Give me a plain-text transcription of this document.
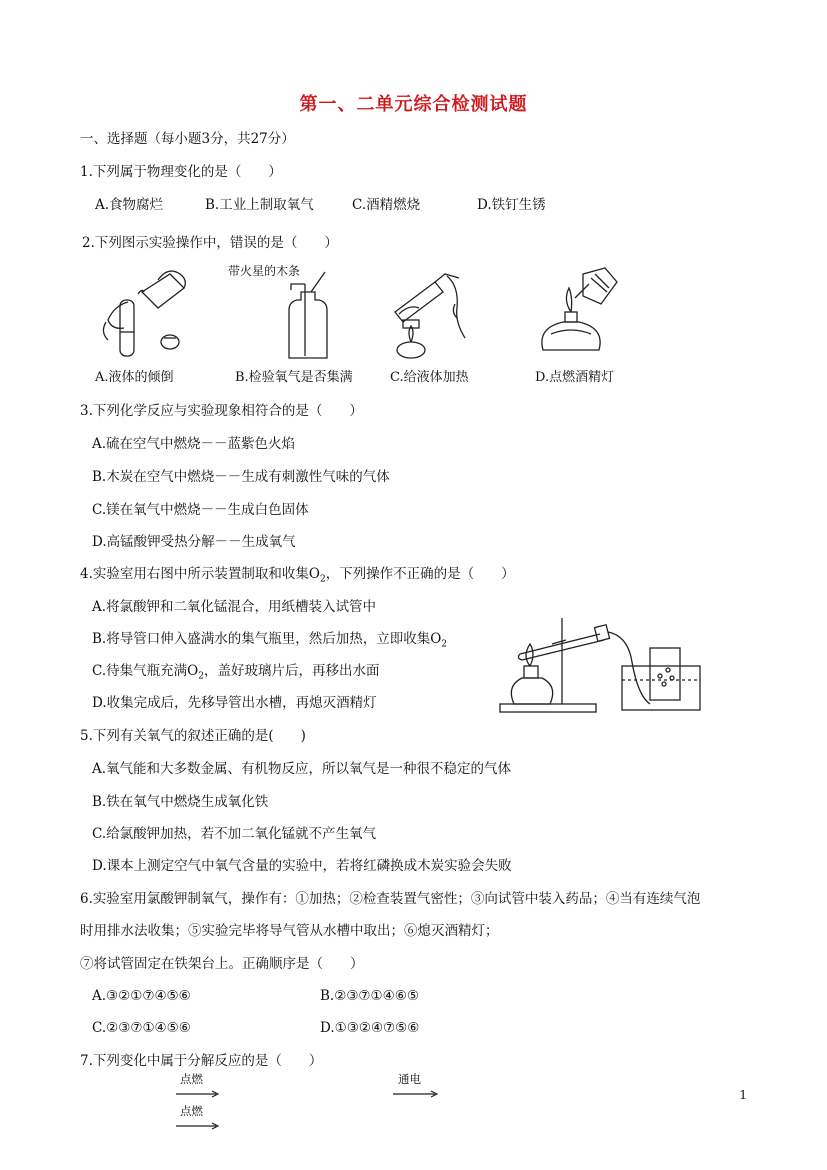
第一、二单元综合检测试题
一、选择题（每小题3分，共27分）
1.下列属于物理变化的是（　　）
A.食物腐烂	B.工业上制取氧气	C.酒精燃烧	D.铁钉生锈
2.下列图示实验操作中，错误的是（　　）
A.液体的倾倒
带火星的木条
B.检验氧气是否集满	C.给液体加热	D.点燃酒精灯
3.下列化学反应与实验现象相符合的是（　　）
A.硫在空气中燃烧－－蓝紫色火焰
B.木炭在空气中燃烧－－生成有刺激性气味的气体
C.镁在氧气中燃烧－－生成白色固体
D.高锰酸钾受热分解－－生成氧气
4.实验室用右图中所示装置制取和收集$O_2$，下列操作不正确的是（　　）
A.将氯酸钾和二氧化锰混合，用纸槽装入试管中
B.将导管口伸入盛满水的集气瓶里，然后加热，立即收集$O_2$
C.待集气瓶充满$O_2$，盖好玻璃片后，再移出水面
D.收集完成后，先移导管出水槽，再熄灭酒精灯
5.下列有关氧气的叙述正确的是(　　)
A.氧气能和大多数金属、有机物反应，所以氧气是一种很不稳定的气体
B.铁在氧气中燃烧生成氧化铁
C.给氯酸钾加热，若不加二氧化锰就不产生氧气
D.课本上测定空气中氧气含量的实验中，若将红磷换成木炭实验会失败
6.实验室用氯酸钾制氧气，操作有：①加热；②检查装置气密性；③向试管中装入药品；④当有连续气泡
时用排水法收集；⑤实验完毕将导气管从水槽中取出；⑥熄灭酒精灯；
⑦将试管固定在铁架台上。正确顺序是（　　）
A.③②①⑦④⑤⑥	B.②③⑦①④⑥⑤
C.②③⑦①④⑤⑥	D.①③②④⑦⑤⑥
7.下列变化中属于分解反应的是（　　）
点燃	通电
点燃
1
